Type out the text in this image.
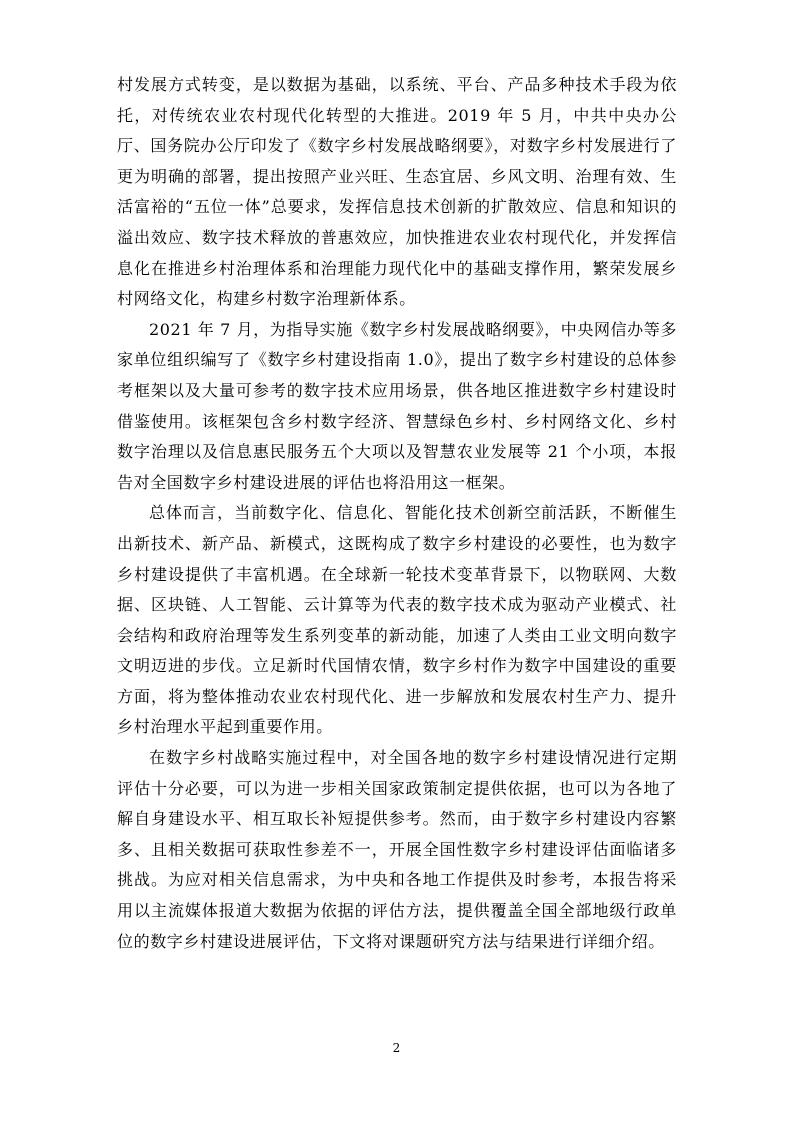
村发展方式转变，是以数据为基础，以系统、平台、产品多种技术手段为依托，对传统农业农村现代化转型的大推进。2019 年 5 月，中共中央办公厅、国务院办公厅印发了《数字乡村发展战略纲要》，对数字乡村发展进行了更为明确的部署，提出按照产业兴旺、生态宜居、乡风文明、治理有效、生活富裕的“五位一体”总要求，发挥信息技术创新的扩散效应、信息和知识的溢出效应、数字技术释放的普惠效应，加快推进农业农村现代化，并发挥信息化在推进乡村治理体系和治理能力现代化中的基础支撑作用，繁荣发展乡村网络文化，构建乡村数字治理新体系。

2021 年 7 月，为指导实施《数字乡村发展战略纲要》，中央网信办等多家单位组织编写了《数字乡村建设指南 1.0》，提出了数字乡村建设的总体参考框架以及大量可参考的数字技术应用场景，供各地区推进数字乡村建设时借鉴使用。该框架包含乡村数字经济、智慧绿色乡村、乡村网络文化、乡村数字治理以及信息惠民服务五个大项以及智慧农业发展等 21 个小项，本报告对全国数字乡村建设进展的评估也将沿用这一框架。

总体而言，当前数字化、信息化、智能化技术创新空前活跃，不断催生出新技术、新产品、新模式，这既构成了数字乡村建设的必要性，也为数字乡村建设提供了丰富机遇。在全球新一轮技术变革背景下，以物联网、大数据、区块链、人工智能、云计算等为代表的数字技术成为驱动产业模式、社会结构和政府治理等发生系列变革的新动能，加速了人类由工业文明向数字文明迈进的步伐。立足新时代国情农情，数字乡村作为数字中国建设的重要方面，将为整体推动农业农村现代化、进一步解放和发展农村生产力、提升乡村治理水平起到重要作用。

在数字乡村战略实施过程中，对全国各地的数字乡村建设情况进行定期评估十分必要，可以为进一步相关国家政策制定提供依据，也可以为各地了解自身建设水平、相互取长补短提供参考。然而，由于数字乡村建设内容繁多、且相关数据可获取性参差不一，开展全国性数字乡村建设评估面临诸多挑战。为应对相关信息需求，为中央和各地工作提供及时参考，本报告将采用以主流媒体报道大数据为依据的评估方法，提供覆盖全国全部地级行政单位的数字乡村建设进展评估，下文将对课题研究方法与结果进行详细介绍。

2
